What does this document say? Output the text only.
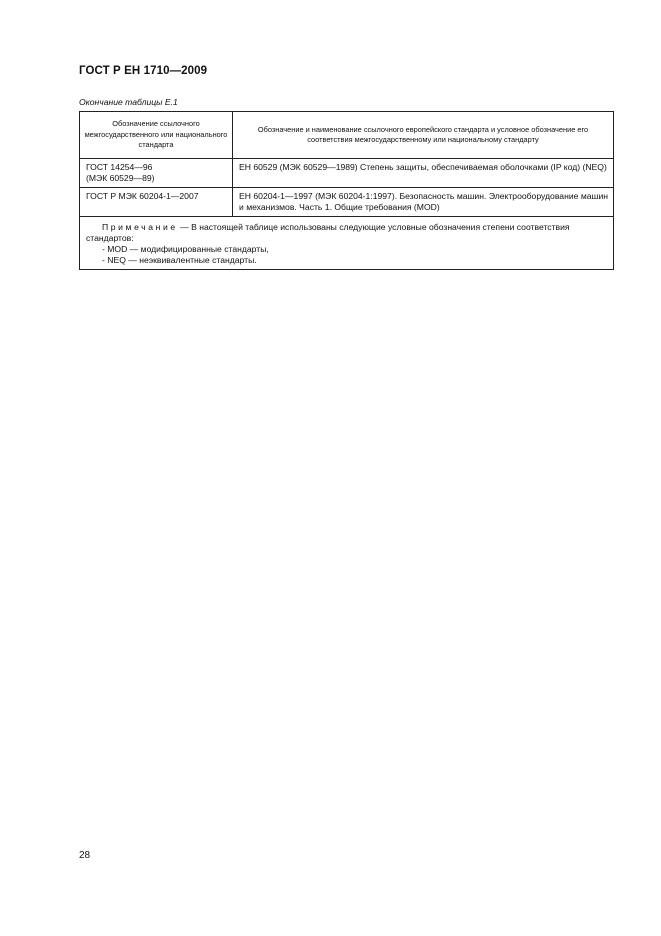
ГОСТ Р ЕН 1710—2009
Окончание таблицы Е.1
Обозначение ссылочного межгосударственного или национального стандарта	Обозначение и наименование ссылочного европейского стандарта и условное обозначение его соответствия межгосударственному или национальному стандарту

ГОСТ 14254—96
(МЭК 60529—89)	ЕН 60529 (МЭК 60529—1989) Степень защиты, обеспечиваемая оболочками (IP код) (NEQ)

ГОСТ Р МЭК 60204-1—2007	ЕН 60204-1—1997 (МЭК 60204-1:1997). Безопасность машин. Электрооборудование машин и механизмов. Часть 1. Общие требования (MOD)

Примечание — В настоящей таблице использованы следующие условные обозначения степени соответствия стандартов:
- MOD — модифицированные стандарты,
- NEQ — неэквивалентные стандарты.	
28
